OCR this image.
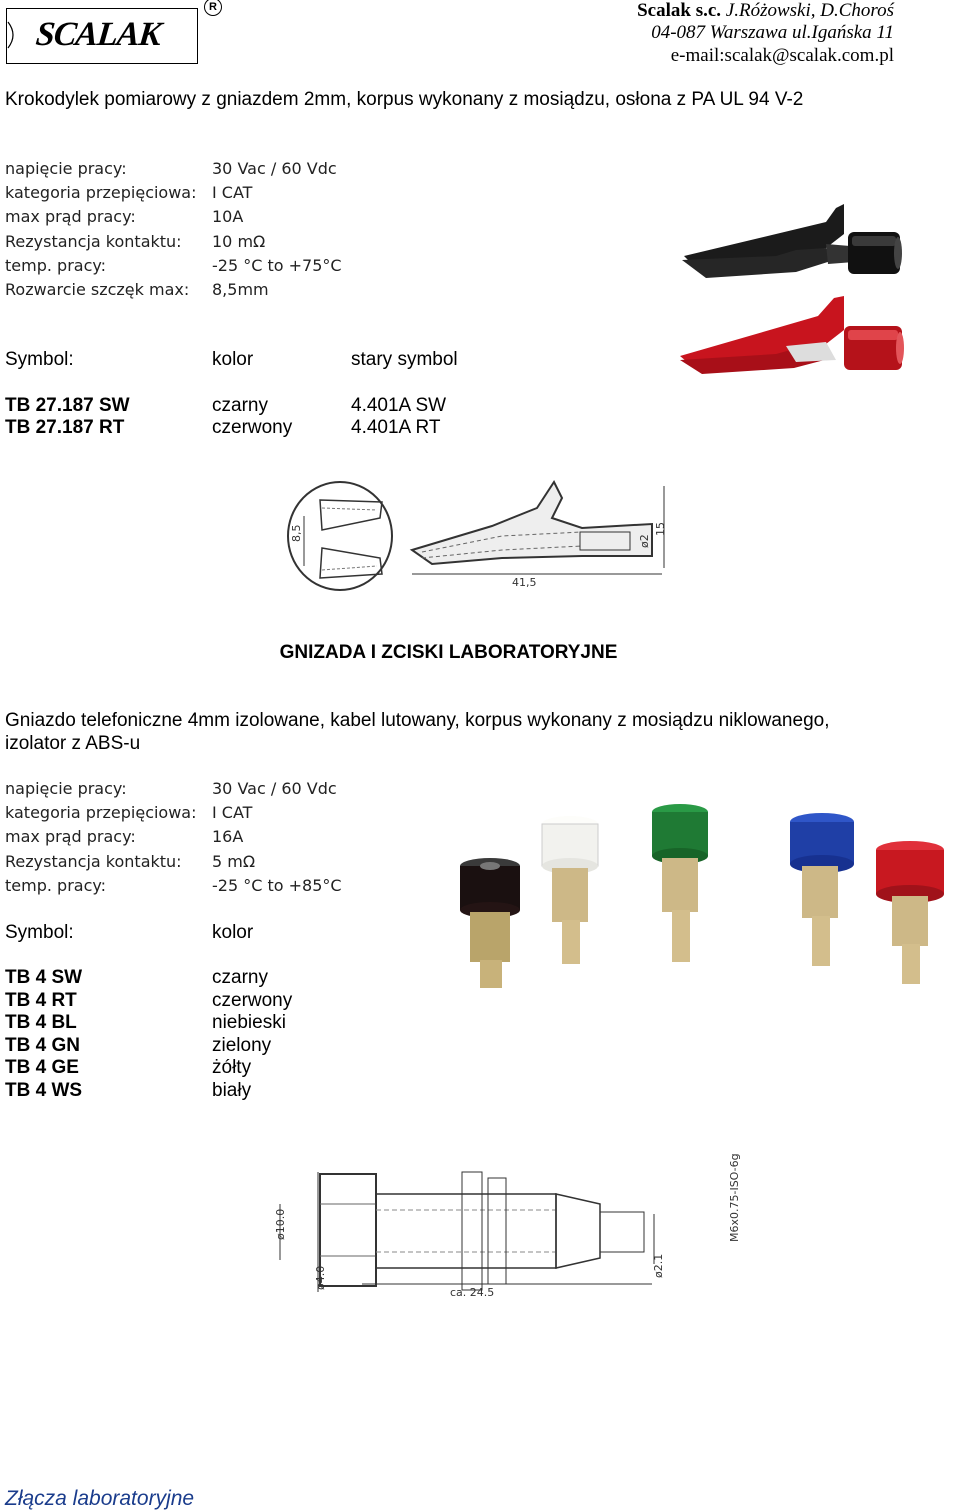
SCALAK
R	Scalak s.c. J.Różowski, D.Choroś
04-087 Warszawa ul.Igańska 11
e-mail:scalak@scalak.com.pl
Krokodylek pomiarowy z gniazdem 2mm, korpus wykonany z mosiądzu, osłona z PA UL 94 V-2
napięcie pracy:	30 Vac / 60 Vdc
kategoria przepięciowa: I CAT
max prąd pracy:	10A
Rezystancja kontaktu: 10 mΩ
temp. pracy:	-25 °C to +75°C
Rozwarcie szczęk max: 8,5mm
Symbol:	kolor	stary symbol
TB 27.187 SW	czarny	4.401A SW
TB 27.187 RT	czerwony	4.401A RT
8,5
41,5
ø2
15
GNIZADA I ZCISKI LABORATORYJNE
Gniazdo telefoniczne 4mm izolowane, kabel lutowany, korpus wykonany z mosiądzu niklowanego,
izolator z ABS-u
napięcie pracy:	30 Vac / 60 Vdc
kategoria przepięciowa: I CAT
max prąd pracy:	16A
Rezystancja kontaktu: 5 mΩ
temp. pracy:	-25 °C to +85°C
Symbol:	kolor
TB 4 SW	czarny
TB 4 RT	czerwony
TB 4 BL	niebieski
TB 4 GN	zielony
TB 4 GE	żółty
TB 4 WS	biały
ø10.0
ø4.0
ca. 24.5
ø2.1
M6x0.75-ISO-6g
Złącza laboratoryjne
